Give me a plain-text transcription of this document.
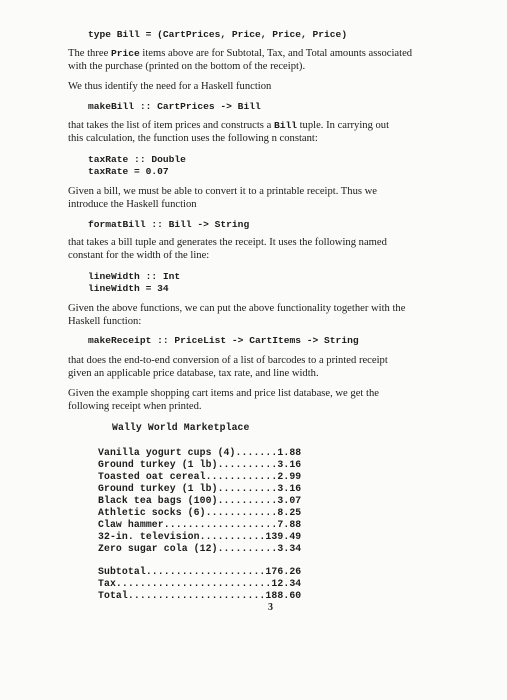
type Bill = (CartPrices, Price, Price, Price)
The three Price items above are for Subtotal, Tax, and Total amounts associated
with the purchase (printed on the bottom of the receipt).
We thus identify the need for a Haskell function
makeBill :: CartPrices -> Bill
that takes the list of item prices and constructs a Bill tuple. In carrying out
this calculation, the function uses the following n constant:
taxRate :: Double
taxRate = 0.07
Given a bill, we must be able to convert it to a printable receipt. Thus we
introduce the Haskell function
formatBill :: Bill -> String
that takes a bill tuple and generates the receipt. It uses the following named
constant for the width of the line:
lineWidth :: Int
lineWidth = 34
Given the above functions, we can put the above functionality together with the
Haskell function:
makeReceipt :: PriceList -> CartItems -> String
that does the end-to-end conversion of a list of barcodes to a printed receipt
given an applicable price database, tax rate, and line width.
Given the example shopping cart items and price list database, we get the
following receipt when printed.
Wally World Marketplace
Vanilla yogurt cups (4).......1.88
Ground turkey (1 lb)..........3.16
Toasted oat cereal............2.99
Ground turkey (1 lb)..........3.16
Black tea bags (100)..........3.07
Athletic socks (6)............8.25
Claw hammer...................7.88
32-in. television...........139.49
Zero sugar cola (12)..........3.34
Subtotal....................176.26
Tax..........................12.34
Total.......................188.60
3
